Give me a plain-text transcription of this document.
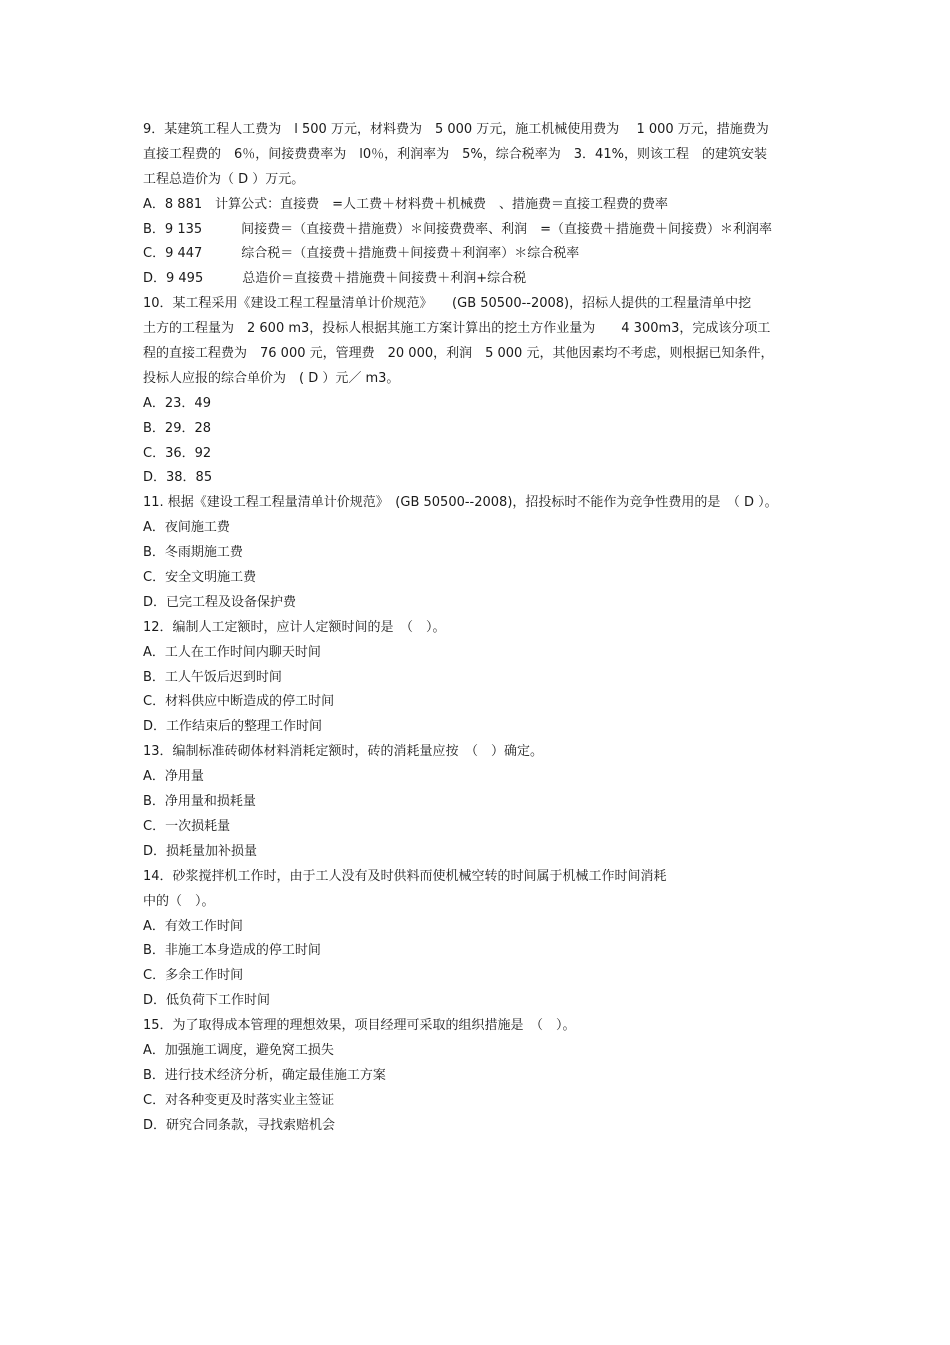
9．某建筑工程人工费为　l 500 万元，材料费为　5 000 万元，施工机械使用费为　 1 000 万元，措施费为
直接工程费的　6％，间接费费率为　l0％，利润率为　5%，综合税率为　3．41%，则该工程　的建筑安装
工程总造价为（ D ）万元。
A．8 881 　计算公式：直接费　=人工费＋材料费＋机械费　、措施费＝直接工程费的费率
B．9 135 　　　间接费＝（直接费＋措施费）＊间接费费率、利润　=（直接费＋措施费＋间接费）＊利润率
C．9 447 　　　综合税＝（直接费＋措施费＋间接费＋利润率）＊综合税率
D．9 495 　　　总造价＝直接费＋措施费＋间接费＋利润+综合税
10．某工程采用《建设工程工程量清单计价规范》　　(GB 50500--2008)，招标人提供的工程量清单中挖
土方的工程量为　2 600 m3，投标人根据其施工方案计算出的挖土方作业量为　　4 300m3，完成该分项工
程的直接工程费为　76 000 元，管理费　20 000，利润　5 000 元，其他因素均不考虑，则根据已知条件，
投标人应报的综合单价为　( D ）元／ m3。
A．23．49
B．29．28
C．36．92
D．38．85
11. 根据《建设工程工程量清单计价规范》　(GB 50500--2008)，招投标时不能作为竞争性费用的是　（ D ）。
A．夜间施工费
B．冬雨期施工费
C．安全文明施工费
D．已完工程及设备保护费
12．编制人工定额时，应计人定额时间的是　（　）。
A．工人在工作时间内聊天时间
B．工人午饭后迟到时间
C．材料供应中断造成的停工时间
D．工作结束后的整理工作时间
13．编制标准砖砌体材料消耗定额时，砖的消耗量应按　（　）确定。
A．净用量
B．净用量和损耗量
C．一次损耗量
D．损耗量加补损量
14．砂浆搅拌机工作时，由于工人没有及时供料而使机械空转的时间属于机械工作时间消耗
中的（　）。
A．有效工作时间
B．非施工本身造成的停工时间
C．多余工作时间
D．低负荷下工作时间
15．为了取得成本管理的理想效果，项目经理可采取的组织措施是　（　）。
A．加强施工调度，避免窝工损失
B．进行技术经济分析，确定最佳施工方案
C．对各种变更及时落实业主签证
D．研究合同条款，寻找索赔机会
